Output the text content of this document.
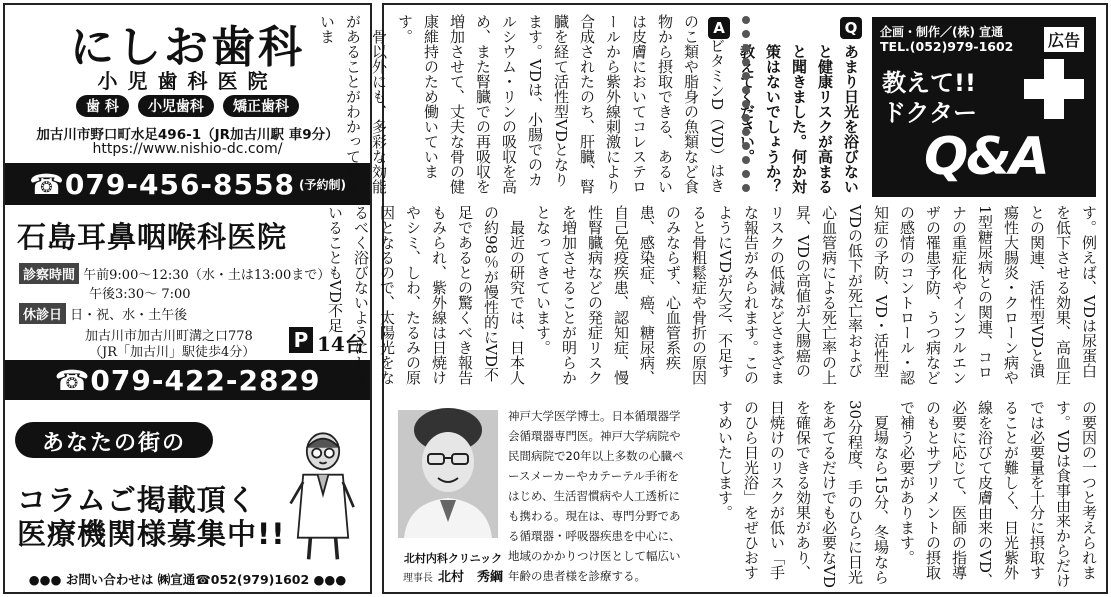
にしお歯科
小児歯科医院
歯 科 小児歯科 矯正歯科
加古川市野口町水足496-1（JR加古川駅 車9分）
https://www.nishio-dc.com/
☎079-456-8558 (予約制)
石島耳鼻咽喉科医院
診察時間 午前9:00〜12:30（水・土は13:00まで）
午後3:30〜 7:00
休診日 日・祝、水・土午後
加古川市加古川町溝之口778
（JR「加古川」駅徒歩4分）
P 14台
☎079-422-2829
あなたの街の
コラムご掲載頂く
医療機関様募集中!!
●●● お問い合わせは ㈱宣通☎052(979)1602 ●●●
企画・制作／(株) 宣通
TEL.(052)979-1602 広告
教えて!!
ドクター
Q&A
Q
あまり日光を浴びないと健康リスクが高まると聞きました。何か対策はないでしょうか？ えてください。
A

ビタミンD（VD）はきのこ類や脂身の魚類など食物から摂取できる、あるいは皮膚においてコレステロールから紫外線刺激により合成されたのち、肝臓、腎臓を経て活性型VDとなります。VDは、小腸でのカルシウム・リンの吸収を高め、また腎臓での再吸収を増加させて、丈夫な骨の健康維持のため働いています。

骨以外にも、多彩な効能があることがわかってきていま

す。例えば、VDは尿蛋白を低下させる効果、高血圧との関連、活性型VDと潰瘍性大腸炎・クローン病や1型糖尿病との関連、コロナの重症化やインフルエンザの罹患予防、うつ病などの感情のコントロール・認知症の予防、VD・活性型VDの低下が死亡率および心血管病による死亡率の上昇、VDの高値が大腸癌のリスクの低減などさまざまな報告がみられます。このようにVDが欠乏、不足すると骨粗鬆症や骨折の原因のみならず、心血管系疾患、感染症、癌、糖尿病、自己免疫疾患、認知症、慢性腎臓病などの発症リスクを増加させることが明らかとなってきています。

最近の研究では、日本人の約98％が慢性的にVD不足であるとの驚くべき報告もみられ、紫外線は日焼けやシミ、しわ、たるみの原因となるので、太陽光をなるべく浴びないようにしていることもVD不足

の要因の一つと考えられます。VDは食事由来からだけでは必要量を十分に摂取することが難しく、日光紫外線を浴びて皮膚由来のVD、必要に応じて、医師の指導のもとサプリメントの摂取で補う必要があります。

夏場なら15分、冬場なら30分程度、手のひらに日光をあてるだけでも必要なVDを確保できる効果があり、日焼けのリスクが低い「手のひら日光浴」をぜひおすすめいたします。

北村内科クリニック
理事長 北村　秀綱
神戸大学医学博士。日本循環器学会循環器専門医。神戸大学病院や民間病院で20年以上多数の心臓ペースメーカーやカテーテル手術をはじめ、生活習慣病や人工透析にも携わる。現在は、専門分野である循環器・呼吸器疾患を中心に、地域のかかりつけ医として幅広い年齢の患者様を診療する。
